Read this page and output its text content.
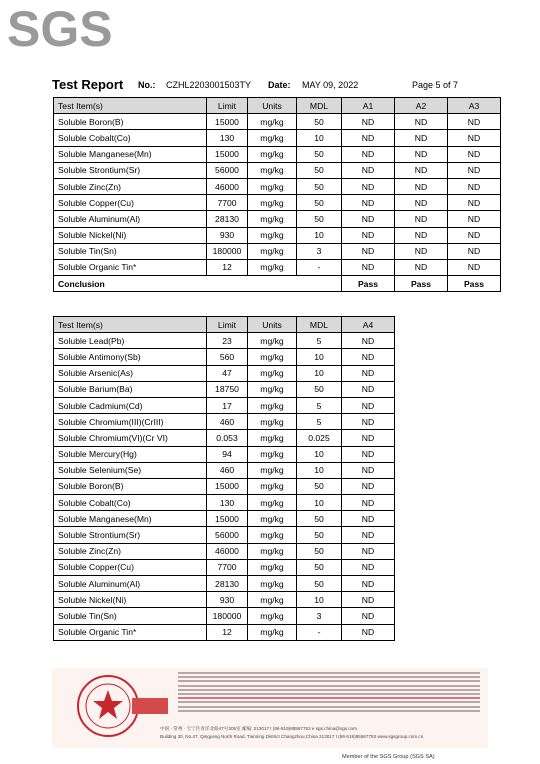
SGS
Test Report No.: CZHL2203001503TY Date: MAY 09, 2022	Page 5 of 7
Test Item(s)	Limit	Units	MDL	A1	A2	A3
Soluble Boron(B)	15000	mg/kg	50	ND	ND	ND
Soluble Cobalt(Co)	130	mg/kg	10	ND	ND	ND
Soluble Manganese(Mn)	15000	mg/kg	50	ND	ND	ND
Soluble Strontium(Sr)	56000	mg/kg	50	ND	ND	ND
Soluble Zinc(Zn)	46000	mg/kg	50	ND	ND	ND
Soluble Copper(Cu)	7700	mg/kg	50	ND	ND	ND
Soluble Aluminum(Al)	28130	mg/kg	50	ND	ND	ND
Soluble Nickel(Ni)	930	mg/kg	10	ND	ND	ND
Soluble Tin(Sn)	180000	mg/kg	3	ND	ND	ND
Soluble Organic Tin*	12	mg/kg	-	ND	ND	ND
Conclusion				Pass	Pass	Pass
Test Item(s)	Limit	Units	MDL	A4
Soluble Lead(Pb)	23	mg/kg	5	ND
Soluble Antimony(Sb)	560	mg/kg	10	ND
Soluble Arsenic(As)	47	mg/kg	10	ND
Soluble Barium(Ba)	18750	mg/kg	50	ND
Soluble Cadmium(Cd)	17	mg/kg	5	ND
Soluble Chromium(III)(CrIII)	460	mg/kg	5	ND
Soluble Chromium(VI)(Cr VI)	0.053	mg/kg	0.025	ND
Soluble Mercury(Hg)	94	mg/kg	10	ND
Soluble Selenium(Se)	460	mg/kg	10	ND
Soluble Boron(B)	15000	mg/kg	50	ND
Soluble Cobalt(Co)	130	mg/kg	10	ND
Soluble Manganese(Mn)	15000	mg/kg	50	ND
Soluble Strontium(Sr)	56000	mg/kg	50	ND
Soluble Zinc(Zn)	46000	mg/kg	50	ND
Soluble Copper(Cu)	7700	mg/kg	50	ND
Soluble Aluminum(Al)	28130	mg/kg	50	ND
Soluble Nickel(Ni)	930	mg/kg	10	ND
Soluble Tin(Sn)	180000	mg/kg	3	ND
Soluble Organic Tin*	12	mg/kg	-	ND
中国 · 常州 · 天宁区青洋北路47号305室 邮编: 213017 t (86-519)85567753 e sgs.china@sgs.com
Building 30, No.47, Qingyang North Road, Tianning District Changzhou,China 213017 t (86-519)85567753 www.sgsgroup.com.cn
Member of the SGS Group (SGS SA)
